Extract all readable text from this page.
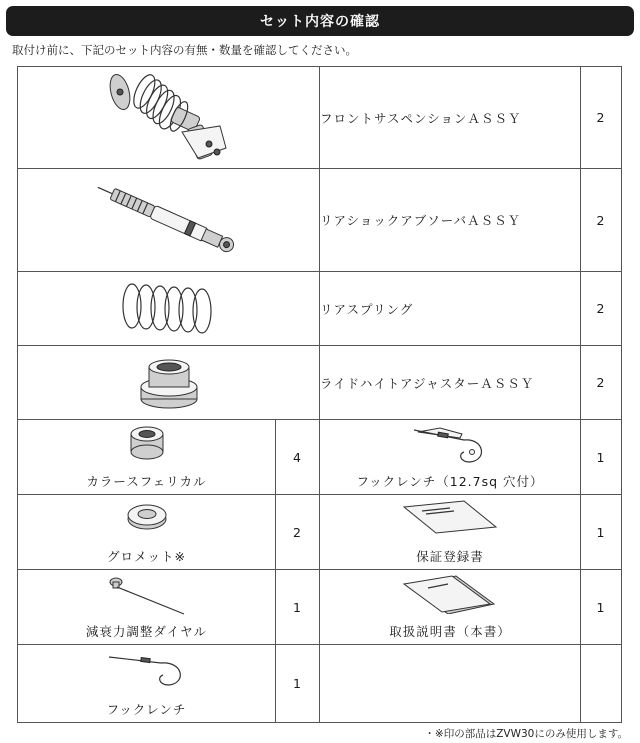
セット内容の確認
取付け前に、下記のセット内容の有無・数量を確認してください。
	フロントサスペンションＡＳＳＹ	2
	リアショックアブソーバＡＳＳＹ	2
	リアスプリング	2
	ライドハイトアジャスターＡＳＳＹ	2

カラースフェリカル	4	フックレンチ（12.7sq 穴付）	1

グロメット※	2	保証登録書	1

減衰力調整ダイヤル	1	取扱説明書（本書）	1

フックレンチ	1		
・※印の部品はZVW30にのみ使用します。
